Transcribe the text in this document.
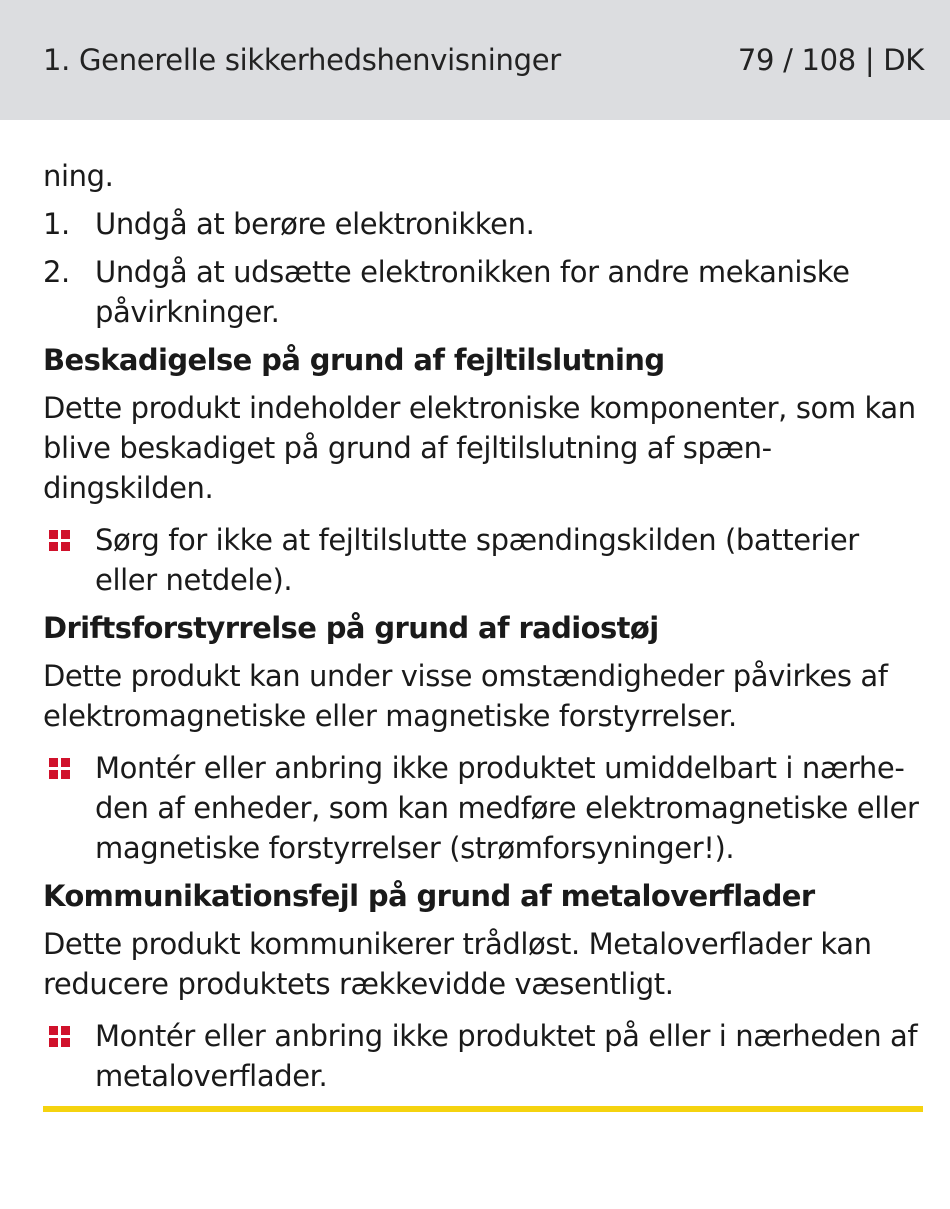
1. Generelle sikkerhedshenvisninger	79 / 108 | DK
ning.
1. Undgå at berøre elektronikken.
2. Undgå at udsætte elektronikken for andre mekaniske påvirkninger.
Beskadigelse på grund af fejltilslutning

Dette produkt indeholder elektroniske komponenter, som kan blive beskadiget på grund af fejltilslutning af spændingskilden.

Sørg for ikke at fejltilslutte spændingskilden (batterier eller netdele).
Driftsforstyrrelse på grund af radiostøj

Dette produkt kan under visse omstændigheder påvirkes af elektromagnetiske eller magnetiske forstyrrelser.

Montér eller anbring ikke produktet umiddelbart i nærheden af enheder, som kan medføre elektromagnetiske eller magnetiske forstyrrelser (strømforsyninger!).
Kommunikationsfejl på grund af metaloverflader

Dette produkt kommunikerer trådløst. Metaloverflader kan reducere produktets rækkevidde væsentligt.

Montér eller anbring ikke produktet på eller i nærheden af metaloverflader.
